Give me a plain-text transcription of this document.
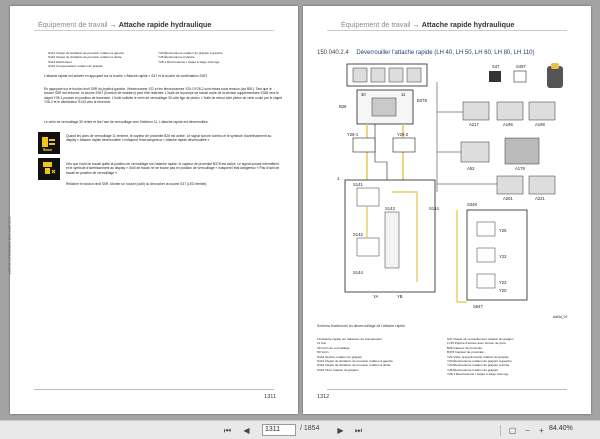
Équipement de travail → Attache rapide hydraulique
S141 Clapet de limitation de pression rotation à gauche	Y20 Électrovanne rotation du grappin à gauche
S142 Clapet de limitation de pression rotation à droite	Y25 Électrovanne Cylindre
S143 Distributeur	Y28-1 Électrovanne / clapet à siège côté tige
S144 Compensateur rotation du grappin
L'attache rapide est activée en appuyant sur la touche « Attache rapide » S47 et la touche de confirmation S497.
En appuyant sur le bouton droit S5R du joystick gauche, l'électrovanne Y22 et les électrovannes Y25-1/Y28-2 sont mises sous tension (via B51). Tant que le bouton S5R est enfoncé, la touche S497 (fonction de maintien) peut être relâchée. L'huile de la pompe de travail coule de la section supplémentaire S348 vers le clapet Y28-1 poussé en position de traversée. L'huile sollicite le vérin de verrouillage 30 côté tige de piston. L'huile de retour côté piston du vérin coule par le clapet Y28-2 et le distributeur S143 vers le réservoir.
Le vérin de verrouillage 30 rentre et tire l'axe de verrouillage vers l'intérieur 11. L'attache rapide est déverrouillée.
Quand les axes de verrouillage 11 rentrent, le capteur de proximité B26 est activé. Le signal sonore continu et le symbole d'avertissement au display « Attache rapide déverrouillée » indiquent l'état dangereux « Attache rapide déverrouillée ».
Dès que l'outil de travail quitte la position de verrouillage sur l'attache rapide, le capteur de proximité B378 est activé. Le signal sonore intermittent et le symbole d'avertissement au display « Outil de travail ne se trouve pas en position de verrouillage » indiquent l'état dangereux « Pas d'outil de travail en position de verrouillage ».
Relâcher le bouton droit S5R. Monter un nouvel (outil) ou décrocher la touche S47 (LED éteinte).
LHR 60 LITRONIC/LHR-LH-NR 1174
1311
Équipement de travail → Attache rapide hydraulique
150.040.2.4 Déverrouiller l'attache rapide (LH 40, LH 50, LH 60, LH 80, LH 110)
30	11
B26
B378
Y28-1	Y28-2
S47	S497
A217	A186	A188
A52	A178
A201	A221
S141
S143
S142
S144
YA	YB
Y25
Y22
Y23
Y20
S547
S348
1
Aa0ld_02
S144
Schéma fonctionnel du déverrouillage de l'attache rapide
10 Attache rapide sur balancier de manutention	S47 Clapet de verrouillement rotation du grappin
11 Axe	1745 Pupitre d'entrée avec bouton de pivot
30 Vérin de verrouillage	B26 Capteur de proximité
50 Vérin	B378 Capteur de proximité
S143 Section rotation du grappin	Y22 Valve proportionnelle rotation du grappin
S141 Clapet de limitation de pression rotation à gauche	Y20 Électrovanne rotation du grappin à gauche
S142 Clapet de limitation de pression rotation à droite	Y23 Électrovanne rotation du grappin à droite
S144 Tiroir rotation du grappin	Y25 Électrovanne rotation du grappin
Y28-1 Électrovanne / clapet à siège côté tige
1312
⏮ ◀	1311	/ 1854 ▶ ⏭	▢ − + 84.40%
